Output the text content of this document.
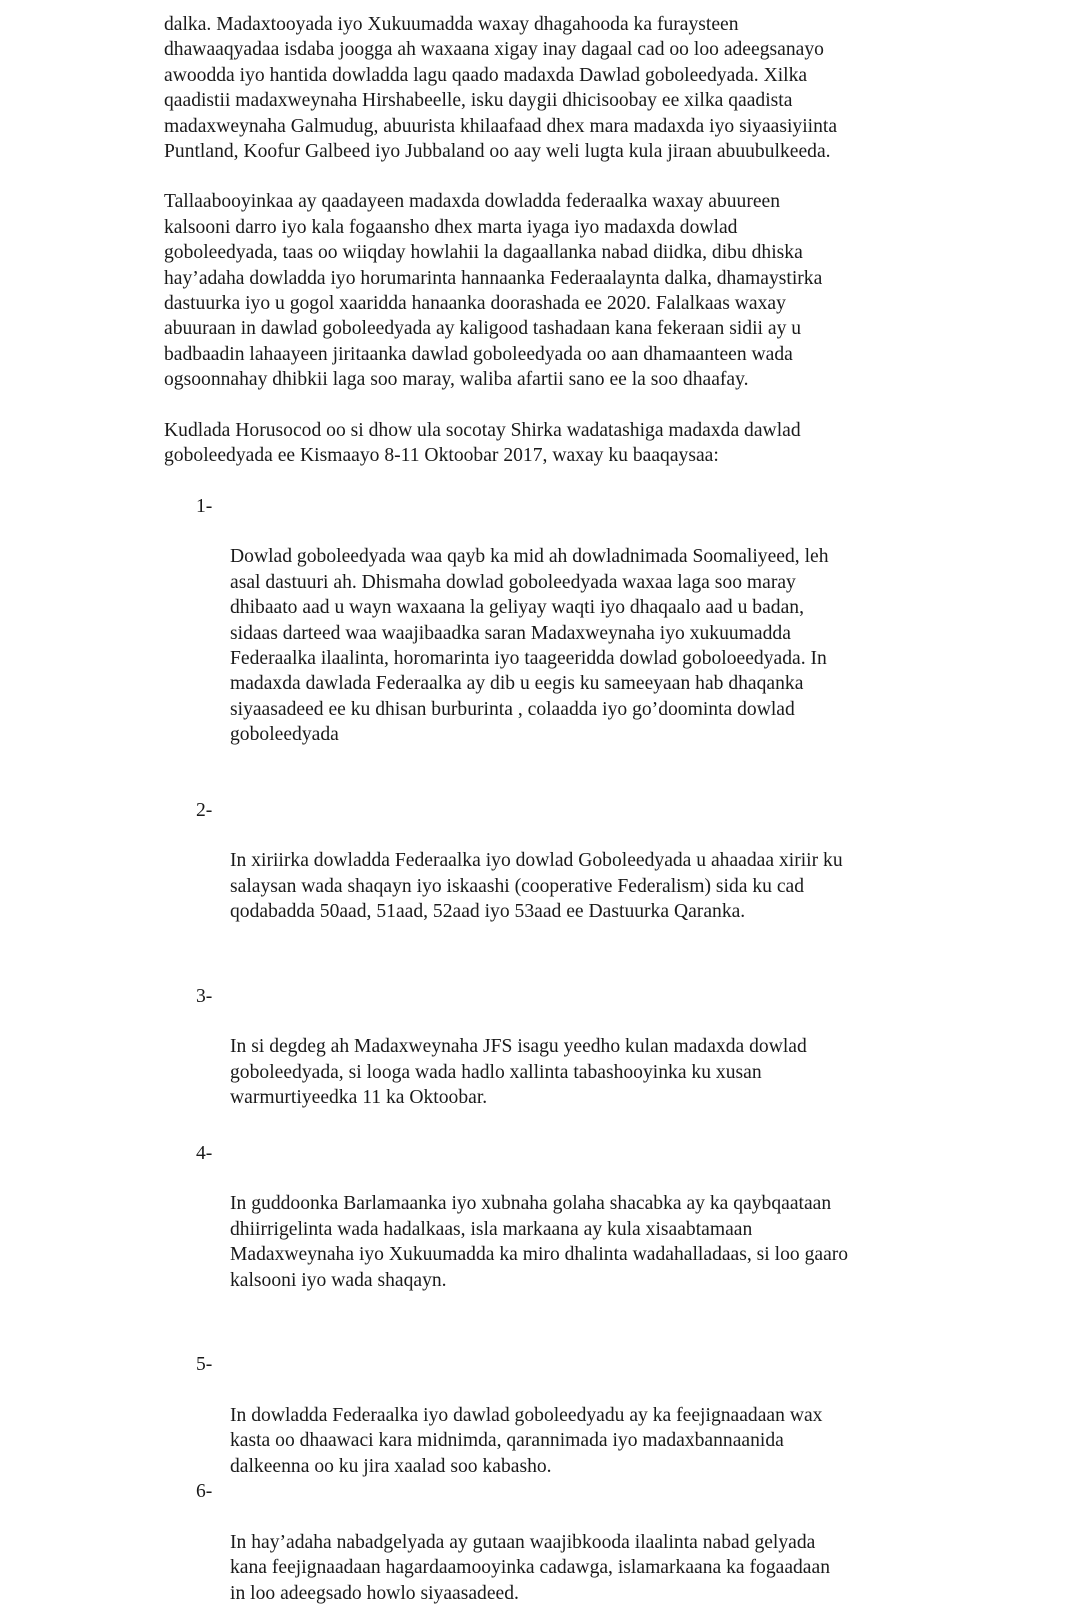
dalka. Madaxtooyada iyo Xukuumadda waxay dhagahooda ka furaysteen
dhawaaqyadaa isdaba joogga ah waxaana xigay inay dagaal cad oo loo adeegsanayo
awoodda iyo hantida dowladda lagu qaado madaxda Dawlad goboleedyada. Xilka
qaadistii madaxweynaha Hirshabeelle, isku daygii dhicisoobay ee xilka qaadista
madaxweynaha Galmudug, abuurista khilaafaad dhex mara madaxda iyo siyaasiyiinta
Puntland, Koofur Galbeed iyo Jubbaland oo aay weli lugta kula jiraan abuubulkeeda.

Tallaabooyinkaa ay qaadayeen madaxda dowladda federaalka waxay abuureen
kalsooni darro iyo kala fogaansho dhex marta iyaga iyo madaxda dowlad
goboleedyada, taas oo wiiqday howlahii la dagaallanka nabad diidka, dibu dhiska
hay’adaha dowladda iyo horumarinta hannaanka Federaalaynta dalka, dhamaystirka
dastuurka iyo u gogol xaaridda hanaanka doorashada ee 2020. Falalkaas waxay
abuuraan in dawlad goboleedyada ay kaligood tashadaan kana fekeraan sidii ay u
badbaadin lahaayeen jiritaanka dawlad goboleedyada oo aan dhamaanteen wada
ogsoonnahay dhibkii laga soo maray, waliba afartii sano ee la soo dhaafay.

Kudlada Horusocod oo si dhow ula socotay Shirka wadatashiga madaxda dawlad
goboleedyada ee Kismaayo 8-11 Oktoobar 2017, waxay ku baaqaysaa:

1-

Dowlad goboleedyada waa qayb ka mid ah dowladnimada Soomaliyeed, leh
asal dastuuri ah. Dhismaha dowlad goboleedyada waxaa laga soo maray
dhibaato aad u wayn waxaana la geliyay waqti iyo dhaqaalo aad u badan,
sidaas darteed waa waajibaadka saran Madaxweynaha iyo xukuumadda
Federaalka ilaalinta, horomarinta iyo taageeridda dowlad goboloeedyada. In
madaxda dawlada Federaalka ay dib u eegis ku sameeyaan hab dhaqanka
siyaasadeed ee ku dhisan burburinta , colaadda iyo go’doominta dowlad
goboleedyada

2-

In xiriirka dowladda Federaalka iyo dowlad Goboleedyada u ahaadaa xiriir ku
salaysan wada shaqayn iyo iskaashi (cooperative Federalism) sida ku cad
qodabadda 50aad, 51aad, 52aad iyo 53aad ee Dastuurka Qaranka.

3-

In si degdeg ah Madaxweynaha JFS isagu yeedho kulan madaxda dowlad
goboleedyada, si looga wada hadlo xallinta tabashooyinka ku xusan
warmurtiyeedka 11 ka Oktoobar.

4-

In guddoonka Barlamaanka iyo xubnaha golaha shacabka ay ka qaybqaataan
dhiirrigelinta wada hadalkaas, isla markaana ay kula xisaabtamaan
Madaxweynaha iyo Xukuumadda ka miro dhalinta wadahalladaas, si loo gaaro
kalsooni iyo wada shaqayn.

5-

In dowladda Federaalka iyo dawlad goboleedyadu ay ka feejignaadaan wax
kasta oo dhaawaci kara midnimda, qarannimada iyo madaxbannaanida
dalkeenna oo ku jira xaalad soo kabasho.

6-

In hay’adaha nabadgelyada ay gutaan waajibkooda ilaalinta nabad gelyada
kana feejignaadaan hagardaamooyinka cadawga, islamarkaana ka fogaadaan
in loo adeegsado howlo siyaasadeed.
